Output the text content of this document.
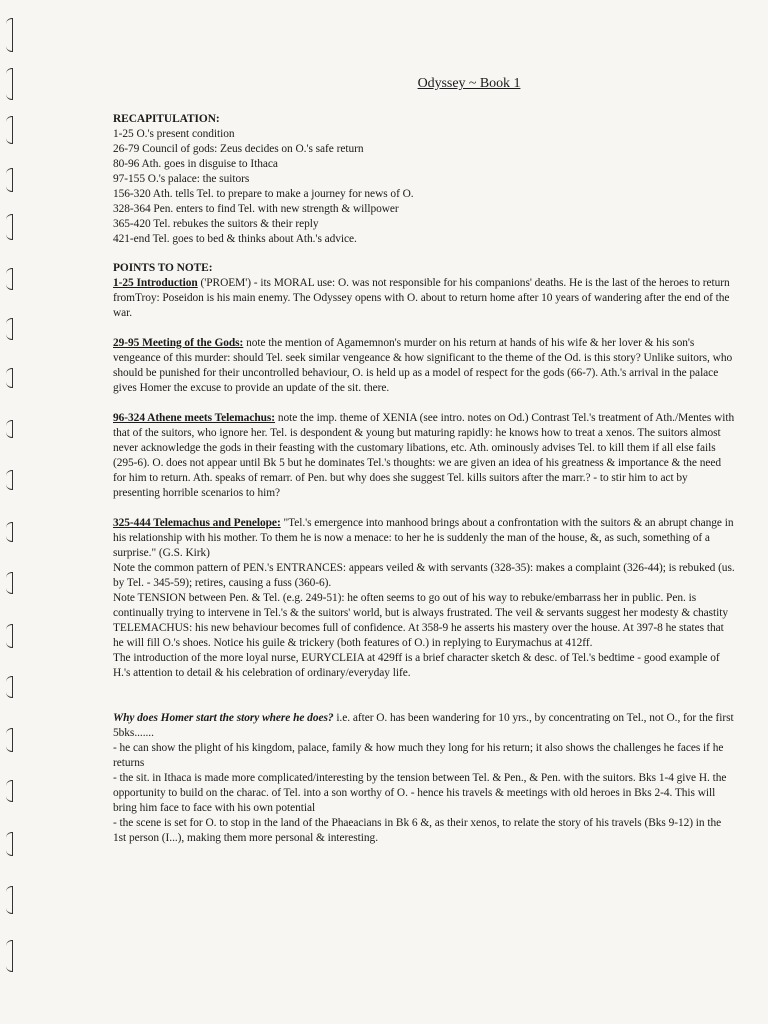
Odyssey ~ Book 1
RECAPITULATION:
1-25 O.'s present condition
26-79 Council of gods: Zeus decides on O.'s safe return
80-96 Ath. goes in disguise to Ithaca
97-155 O.'s palace: the suitors
156-320 Ath. tells Tel. to prepare to make a journey for news of O.
328-364 Pen. enters to find Tel. with new strength & willpower
365-420 Tel. rebukes the suitors & their reply
421-end Tel. goes to bed & thinks about Ath.'s advice.
POINTS TO NOTE:

1-25 Introduction ('PROEM') - its MORAL use: O. was not responsible for his companions' deaths. He is the last of the heroes to return fromTroy: Poseidon is his main enemy. The Odyssey opens with O. about to return home after 10 years of wandering after the end of the war.

29-95 Meeting of the Gods: note the mention of Agamemnon's murder on his return at hands of his wife & her lover & his son's vengeance of this murder: should Tel. seek similar vengeance & how significant to the theme of the Od. is this story? Unlike suitors, who should be punished for their uncontrolled behaviour, O. is held up as a model of respect for the gods (66-7). Ath.'s arrival in the palace gives Homer the excuse to provide an update of the sit. there.

96-324 Athene meets Telemachus: note the imp. theme of XENIA (see intro. notes on Od.) Contrast Tel.'s treatment of Ath./Mentes with that of the suitors, who ignore her. Tel. is despondent & young but maturing rapidly: he knows how to treat a xenos. The suitors almost never acknowledge the gods in their feasting with the customary libations, etc. Ath. ominously advises Tel. to kill them if all else fails (295-6). O. does not appear until Bk 5 but he dominates Tel.'s thoughts: we are given an idea of his greatness & importance & the need for him to return. Ath. speaks of remarr. of Pen. but why does she suggest Tel. kills suitors after the marr.? - to stir him to act by presenting horrible scenarios to him?

325-444 Telemachus and Penelope: "Tel.'s emergence into manhood brings about a confrontation with the suitors & an abrupt change in his relationship with his mother. To them he is now a menace: to her he is suddenly the man of the house, &, as such, something of a surprise." (G.S. Kirk)

Note the common pattern of PEN.'s ENTRANCES: appears veiled & with servants (328-35): makes a complaint (326-44); is rebuked (us. by Tel. - 345-59); retires, causing a fuss (360-6).

Note TENSION between Pen. & Tel. (e.g. 249-51): he often seems to go out of his way to rebuke/embarrass her in public. Pen. is continually trying to intervene in Tel.'s & the suitors' world, but is always frustrated. The veil & servants suggest her modesty & chastity

TELEMACHUS: his new behaviour becomes full of confidence. At 358-9 he asserts his mastery over the house. At 397-8 he states that he will fill O.'s shoes. Notice his guile & trickery (both features of O.) in replying to Eurymachus at 412ff.

The introduction of the more loyal nurse, EURYCLEIA at 429ff is a brief character sketch & desc. of Tel.'s bedtime - good example of H.'s attention to detail & his celebration of ordinary/everyday life.

Why does Homer start the story where he does? i.e. after O. has been wandering for 10 yrs., by concentrating on Tel., not O., for the first 5bks.......

- he can show the plight of his kingdom, palace, family & how much they long for his return; it also shows the challenges he faces if he returns

- the sit. in Ithaca is made more complicated/interesting by the tension between Tel. & Pen., & Pen. with the suitors. Bks 1-4 give H. the opportunity to build on the charac. of Tel. into a son worthy of O. - hence his travels & meetings with old heroes in Bks 2-4. This will bring him face to face with his own potential

- the scene is set for O. to stop in the land of the Phaeacians in Bk 6 &, as their xenos, to relate the story of his travels (Bks 9-12) in the 1st person (I...), making them more personal & interesting.
